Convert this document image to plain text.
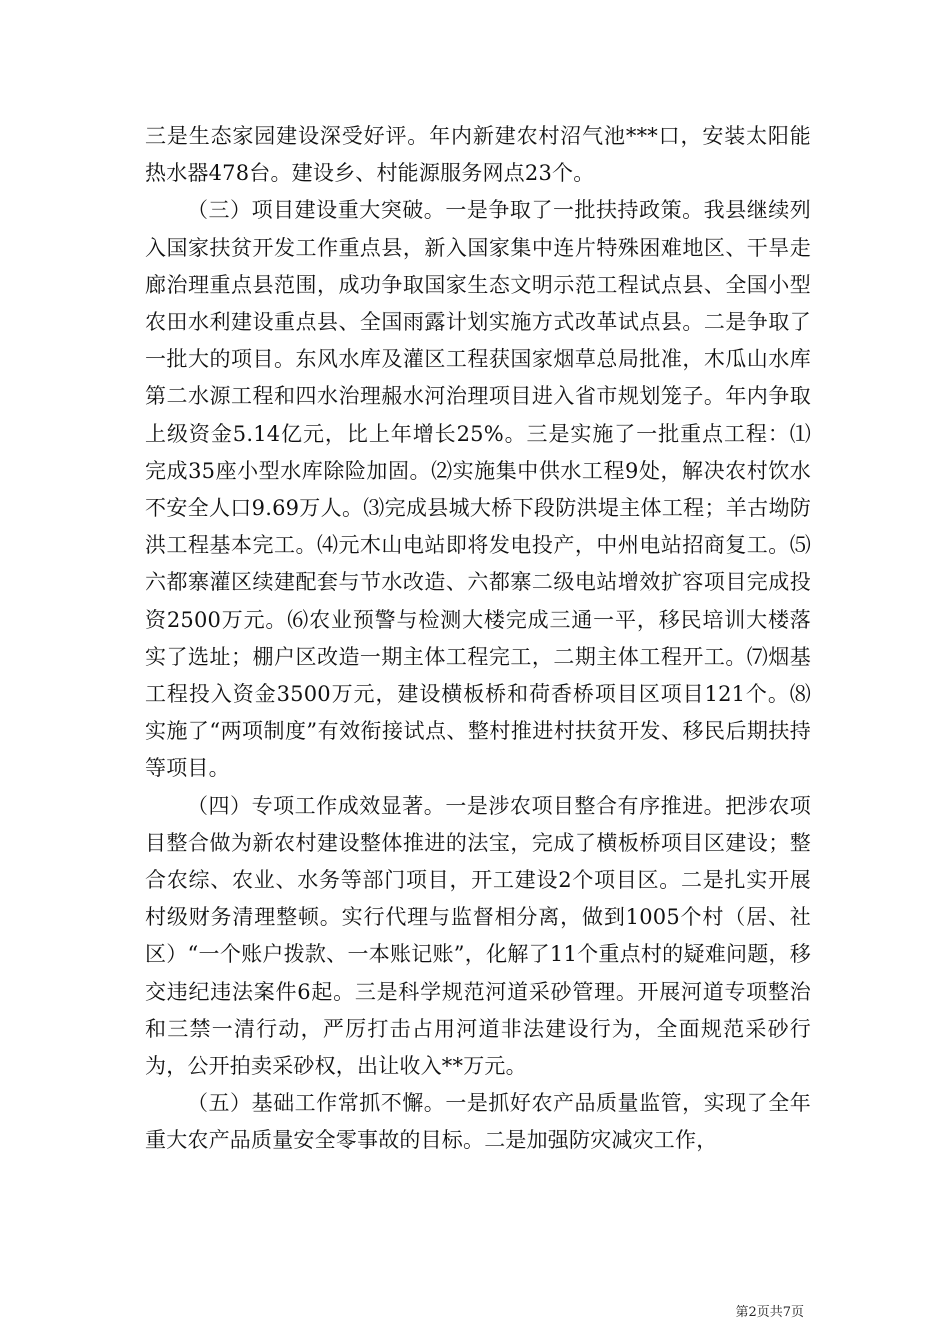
三是生态家园建设深受好评。年内新建农村沼气池***口，安装太阳能热水器478台。建设乡、村能源服务网点23个。

（三）项目建设重大突破。一是争取了一批扶持政策。我县继续列入国家扶贫开发工作重点县，新入国家集中连片特殊困难地区、干旱走廊治理重点县范围，成功争取国家生态文明示范工程试点县、全国小型农田水利建设重点县、全国雨露计划实施方式改革试点县。二是争取了一批大的项目。东风水库及灌区工程获国家烟草总局批准，木瓜山水库第二水源工程和四水治理赧水河治理项目进入省市规划笼子。年内争取上级资金5.14亿元，比上年增长25%。三是实施了一批重点工程：⑴完成35座小型水库除险加固。⑵实施集中供水工程9处，解决农村饮水不安全人口9.69万人。⑶完成县城大桥下段防洪堤主体工程；羊古坳防洪工程基本完工。⑷元木山电站即将发电投产，中州电站招商复工。⑸六都寨灌区续建配套与节水改造、六都寨二级电站增效扩容项目完成投资2500万元。⑹农业预警与检测大楼完成三通一平，移民培训大楼落实了选址；棚户区改造一期主体工程完工，二期主体工程开工。⑺烟基工程投入资金3500万元，建设横板桥和荷香桥项目区项目121个。⑻实施了“两项制度”有效衔接试点、整村推进村扶贫开发、移民后期扶持等项目。

（四）专项工作成效显著。一是涉农项目整合有序推进。把涉农项目整合做为新农村建设整体推进的法宝，完成了横板桥项目区建设；整合农综、农业、水务等部门项目，开工建设2个项目区。二是扎实开展村级财务清理整顿。实行代理与监督相分离，做到1005个村（居、社区）“一个账户拨款、一本账记账”，化解了11个重点村的疑难问题，移交违纪违法案件6起。三是科学规范河道采砂管理。开展河道专项整治和三禁一清行动，严厉打击占用河道非法建设行为，全面规范采砂行为，公开拍卖采砂权，出让收入**万元。

（五）基础工作常抓不懈。一是抓好农产品质量监管，实现了全年重大农产品质量安全零事故的目标。二是加强防灾减灾工作，

第2页共7页
